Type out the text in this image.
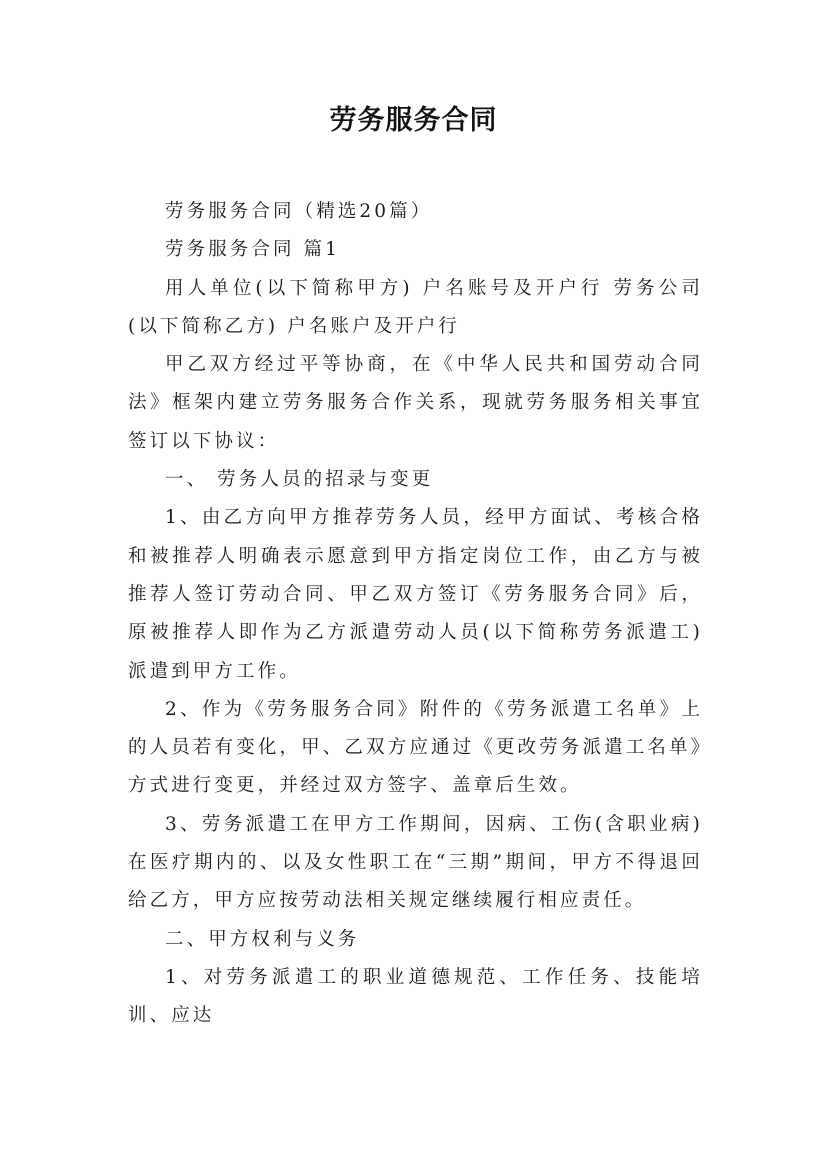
劳务服务合同

劳务服务合同（精选20篇）

劳务服务合同 篇1

用人单位(以下简称甲方) 户名账号及开户行 劳务公司(以下简称乙方) 户名账户及开户行

甲乙双方经过平等协商，在《中华人民共和国劳动合同法》框架内建立劳务服务合作关系，现就劳务服务相关事宜签订以下协议：

一、 劳务人员的招录与变更

1、由乙方向甲方推荐劳务人员，经甲方面试、考核合格和被推荐人明确表示愿意到甲方指定岗位工作，由乙方与被推荐人签订劳动合同、甲乙双方签订《劳务服务合同》后，原被推荐人即作为乙方派遣劳动人员(以下简称劳务派遣工)派遣到甲方工作。

2、作为《劳务服务合同》附件的《劳务派遣工名单》上的人员若有变化，甲、乙双方应通过《更改劳务派遣工名单》方式进行变更，并经过双方签字、盖章后生效。

3、劳务派遣工在甲方工作期间，因病、工伤(含职业病)在医疗期内的、以及女性职工在“三期”期间，甲方不得退回给乙方，甲方应按劳动法相关规定继续履行相应责任。

二、甲方权利与义务

1、对劳务派遣工的职业道德规范、工作任务、技能培训、应达
